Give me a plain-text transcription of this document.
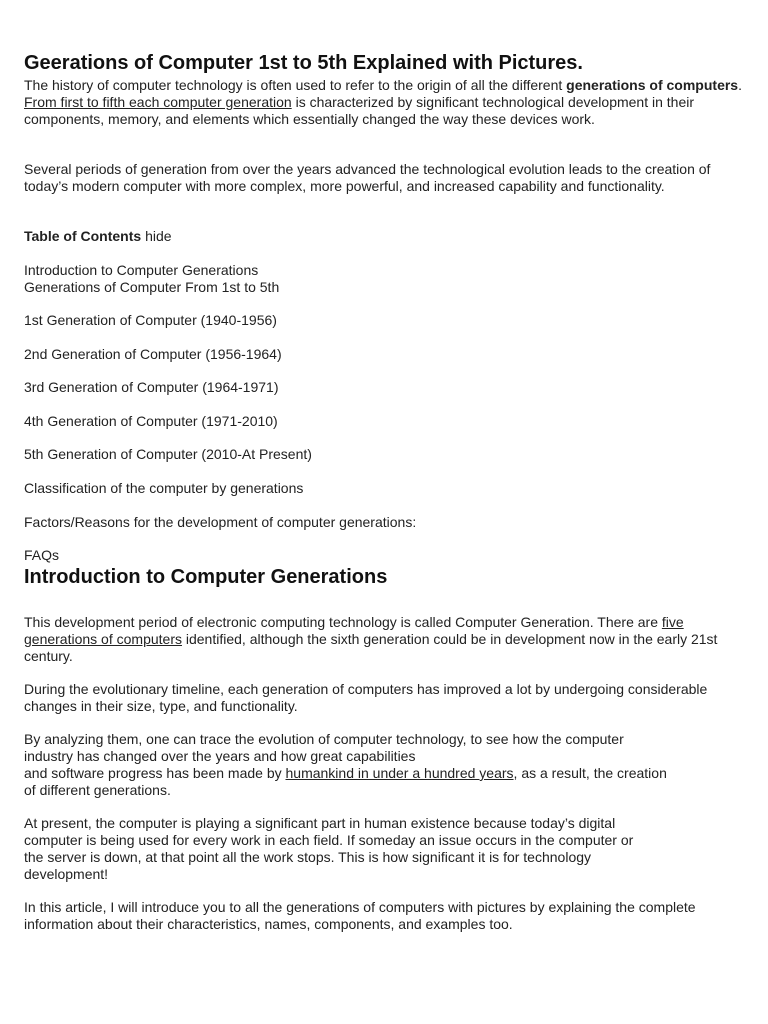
Geerations of Computer 1st to 5th Explained with Pictures.

The history of computer technology is often used to refer to the origin of all the different generations of computers. From first to fifth each computer generation is characterized by significant technological development in their components, memory, and elements which essentially changed the way these devices work.

Several periods of generation from over the years advanced the technological evolution leads to the creation of today’s modern computer with more complex, more powerful, and increased capability and functionality.

Table of Contents hide

Introduction to Computer Generations

Generations of Computer From 1st to 5th

1st Generation of Computer (1940-1956)

2nd Generation of Computer (1956-1964)

3rd Generation of Computer (1964-1971)

4th Generation of Computer (1971-2010)

5th Generation of Computer (2010-At Present)

Classification of the computer by generations

Factors/Reasons for the development of computer generations:

FAQs

Introduction to Computer Generations

This development period of electronic computing technology is called Computer Generation. There are five generations of computers identified, although the sixth generation could be in development now in the early 21st century.

During the evolutionary timeline, each generation of computers has improved a lot by undergoing considerable changes in their size, type, and functionality.

By analyzing them, one can trace the evolution of computer technology, to see how the computer

industry has changed over the years and how great capabilities

and software progress has been made by humankind in under a hundred years, as a result, the creation

of different generations.

At present, the computer is playing a significant part in human existence because today’s digital

computer is being used for every work in each field. If someday an issue occurs in the computer or

the server is down, at that point all the work stops. This is how significant it is for technology

development!

In this article, I will introduce you to all the generations of computers with pictures by explaining the complete information about their characteristics, names, components, and examples too.
